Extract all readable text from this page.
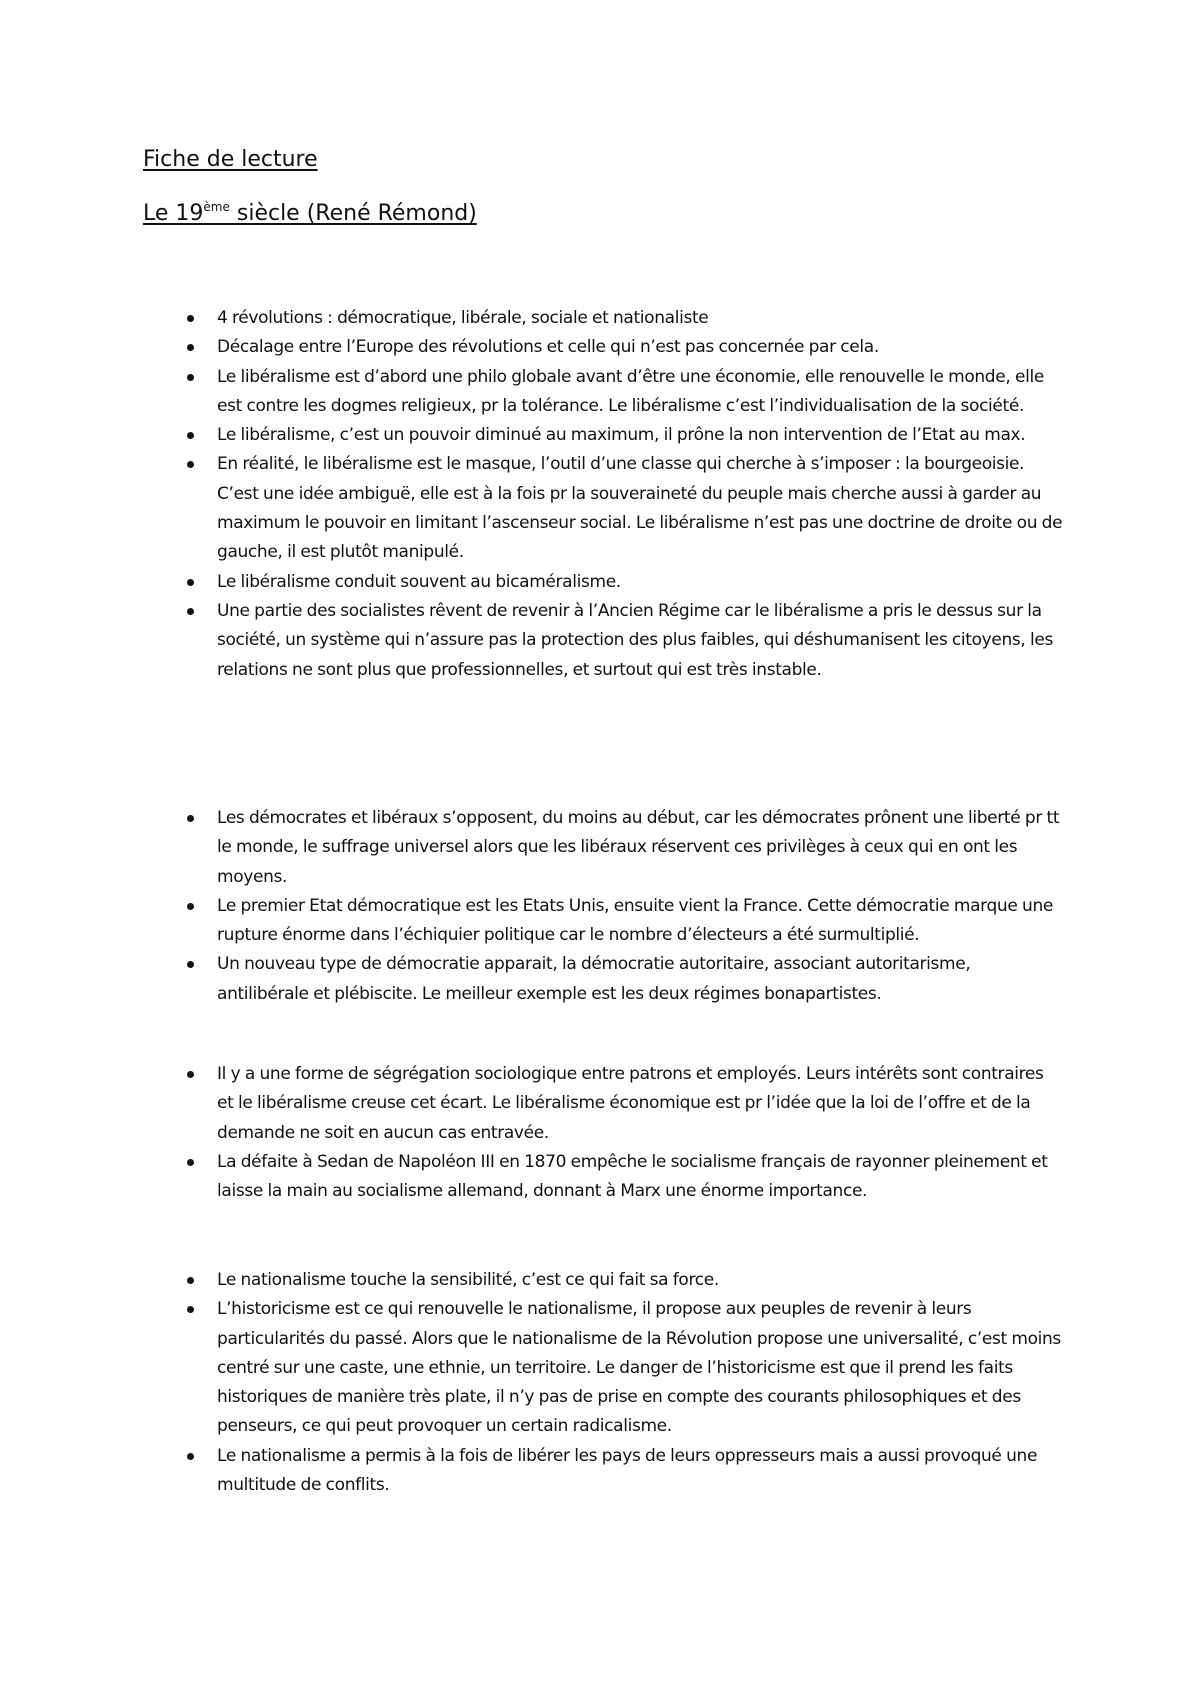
Fiche de lecture
Le 19ème siècle (René Rémond)
4 révolutions : démocratique, libérale, sociale et nationaliste
Décalage entre l’Europe des révolutions et celle qui n’est pas concernée par cela.
Le libéralisme est d’abord une philo globale avant d’être une économie, elle renouvelle le monde, elle est contre les dogmes religieux, pr la tolérance. Le libéralisme c’est l’individualisation de la société.
Le libéralisme, c’est un pouvoir diminué au maximum, il prône la non intervention de l’Etat au max.
En réalité, le libéralisme est le masque, l’outil d’une classe qui cherche à s’imposer : la bourgeoisie. C’est une idée ambiguë, elle est à la fois pr la souveraineté du peuple mais cherche aussi à garder au maximum le pouvoir en limitant l’ascenseur social. Le libéralisme n’est pas une doctrine de droite ou de gauche, il est plutôt manipulé.
Le libéralisme conduit souvent au bicaméralisme.
Une partie des socialistes rêvent de revenir à l’Ancien Régime car le libéralisme a pris le dessus sur la société, un système qui n’assure pas la protection des plus faibles, qui déshumanisent les citoyens, les relations ne sont plus que professionnelles, et surtout qui est très instable.
Les démocrates et libéraux s’opposent, du moins au début, car les démocrates prônent une liberté pr tt le monde, le suffrage universel alors que les libéraux réservent ces privilèges à ceux qui en ont les moyens.
Le premier Etat démocratique est les Etats Unis, ensuite vient la France. Cette démocratie marque une rupture énorme dans l’échiquier politique car le nombre d’électeurs a été surmultiplié.
Un nouveau type de démocratie apparait, la démocratie autoritaire, associant autoritarisme, antilibérale et plébiscite. Le meilleur exemple est les deux régimes bonapartistes.
Il y a une forme de ségrégation sociologique entre patrons et employés. Leurs intérêts sont contraires et le libéralisme creuse cet écart. Le libéralisme économique est pr l’idée que la loi de l’offre et de la demande ne soit en aucun cas entravée.
La défaite à Sedan de Napoléon III en 1870 empêche le socialisme français de rayonner pleinement et laisse la main au socialisme allemand, donnant à Marx une énorme importance.
Le nationalisme touche la sensibilité, c’est ce qui fait sa force.
L’historicisme est ce qui renouvelle le nationalisme, il propose aux peuples de revenir à leurs particularités du passé. Alors que le nationalisme de la Révolution propose une universalité, c’est moins centré sur une caste, une ethnie, un territoire. Le danger de l’historicisme est que il prend les faits historiques de manière très plate, il n’y pas de prise en compte des courants philosophiques et des penseurs, ce qui peut provoquer un certain radicalisme.
Le nationalisme a permis à la fois de libérer les pays de leurs oppresseurs mais a aussi provoqué une multitude de conflits.
